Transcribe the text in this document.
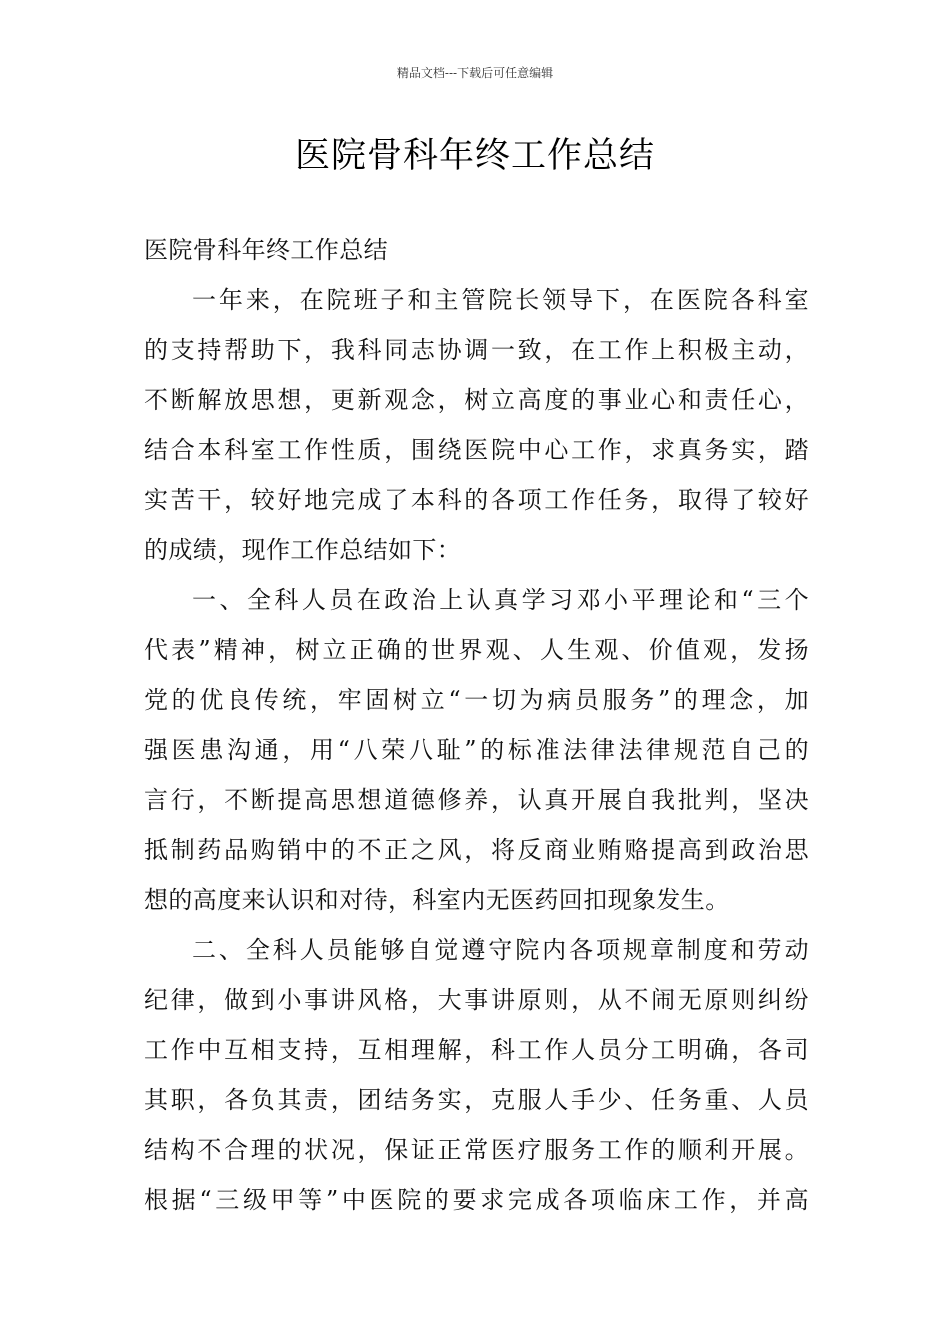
精品文档---下载后可任意编辑
医院骨科年终工作总结
医院骨科年终工作总结
一年来，在院班子和主管院长领导下，在医院各科室
的支持帮助下，我科同志协调一致，在工作上积极主动，
不断解放思想，更新观念，树立高度的事业心和责任心，
结合本科室工作性质，围绕医院中心工作，求真务实，踏
实苦干，较好地完成了本科的各项工作任务，取得了较好
的成绩，现作工作总结如下：
一、全科人员在政治上认真学习邓小平理论和“三个
代表”精神，树立正确的世界观、人生观、价值观，发扬
党的优良传统，牢固树立“一切为病员服务”的理念，加
强医患沟通，用“八荣八耻”的标准法律法律规范自己的
言行，不断提高思想道德修养，认真开展自我批判，坚决
抵制药品购销中的不正之风，将反商业贿赂提高到政治思
想的高度来认识和对待，科室内无医药回扣现象发生。
二、全科人员能够自觉遵守院内各项规章制度和劳动
纪律，做到小事讲风格，大事讲原则，从不闹无原则纠纷
工作中互相支持，互相理解，科工作人员分工明确，各司
其职，各负其责，团结务实，克服人手少、任务重、人员
结构不合理的状况，保证正常医疗服务工作的顺利开展。
根据“三级甲等”中医院的要求完成各项临床工作，并高
